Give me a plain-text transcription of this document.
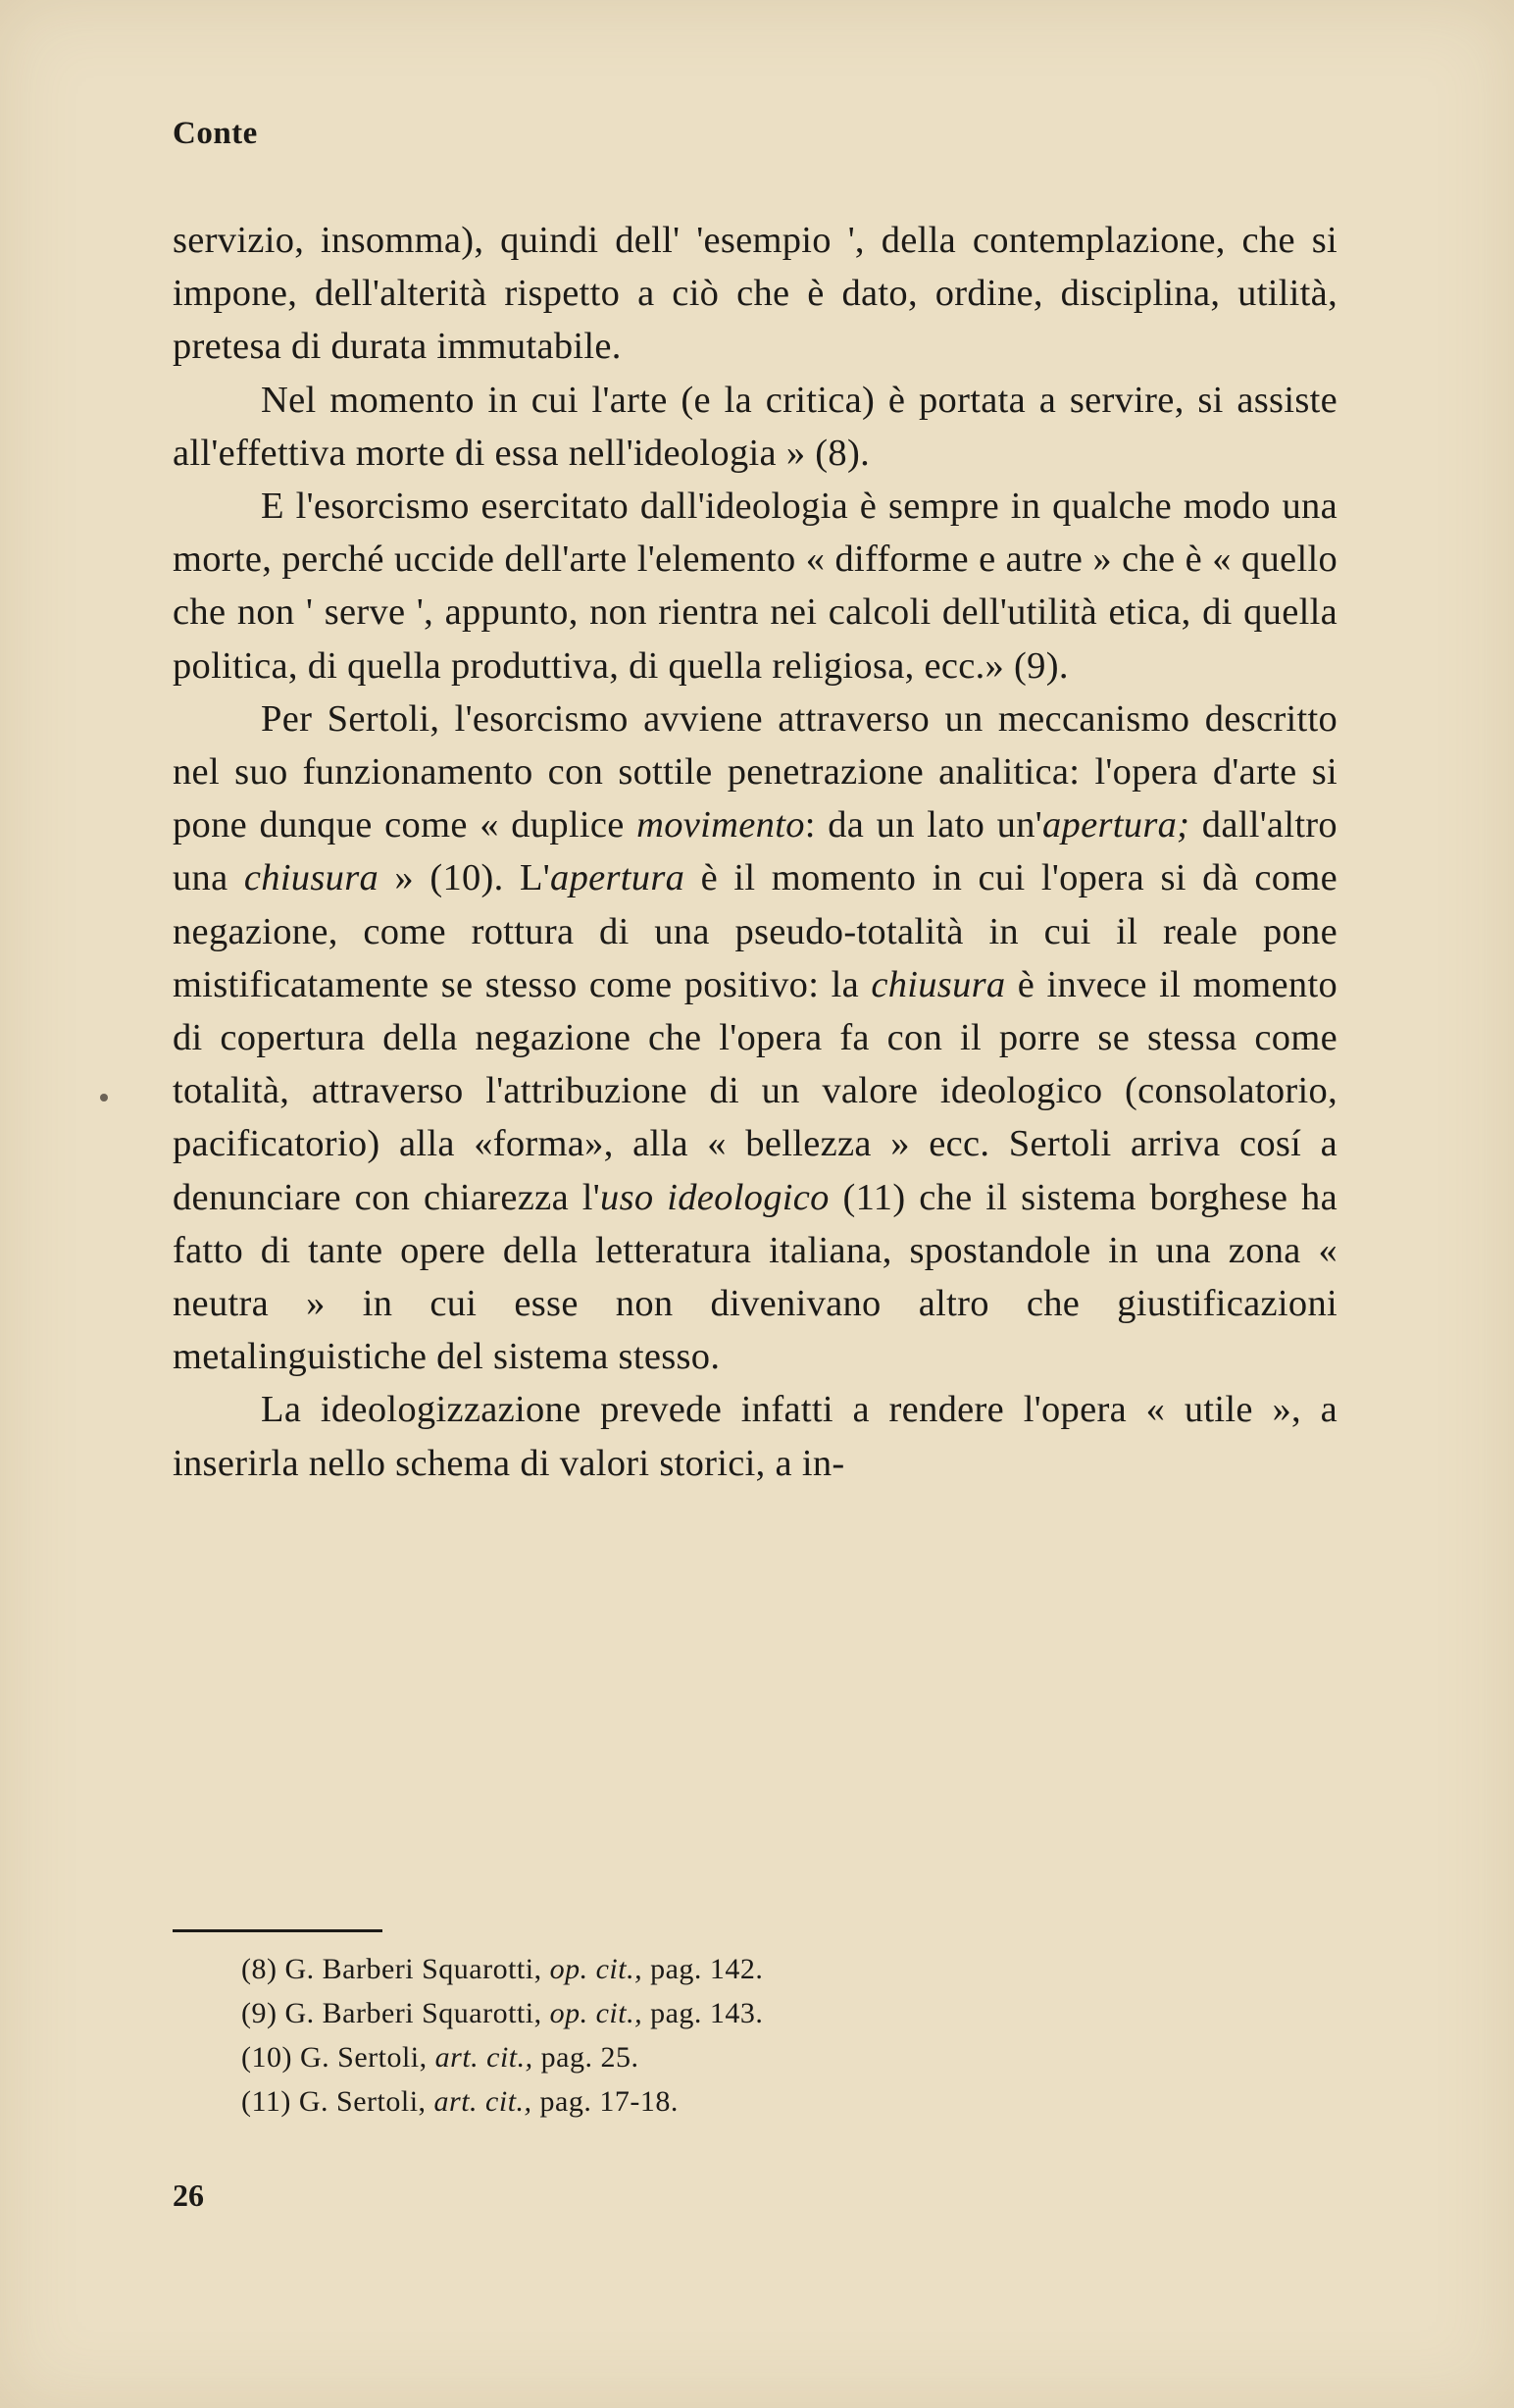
Conte

servizio, insomma), quindi dell' 'esempio ', della contemplazione, che si impone, dell'alterità rispetto a ciò che è dato, ordine, disciplina, utilità, pretesa di durata immutabile.

Nel momento in cui l'arte (e la critica) è portata a servire, si assiste all'effettiva morte di essa nell'ideologia » (8).

E l'esorcismo esercitato dall'ideologia è sempre in qualche modo una morte, perché uccide dell'arte l'elemento « difforme e autre » che è « quello che non ' serve ', appunto, non rientra nei calcoli dell'utilità etica, di quella politica, di quella produttiva, di quella religiosa, ecc.» (9).

Per Sertoli, l'esorcismo avviene attraverso un meccanismo descritto nel suo funzionamento con sottile penetrazione analitica: l'opera d'arte si pone dunque come « duplice movimento: da un lato un'apertura; dall'altro una chiusura » (10). L'apertura è il momento in cui l'opera si dà come negazione, come rottura di una pseudo-totalità in cui il reale pone mistificatamente se stesso come positivo: la chiusura è invece il momento di copertura della negazione che l'opera fa con il porre se stessa come totalità, attraverso l'attribuzione di un valore ideologico (consolatorio, pacificatorio) alla «forma», alla « bellezza » ecc. Sertoli arriva cosí a denunciare con chiarezza l'uso ideologico (11) che il sistema borghese ha fatto di tante opere della letteratura italiana, spostandole in una zona « neutra » in cui esse non divenivano altro che giustificazioni metalinguistiche del sistema stesso.

La ideologizzazione prevede infatti a rendere l'opera « utile », a inserirla nello schema di valori storici, a in-

(8) G. Barberi Squarotti, op. cit., pag. 142.
(9) G. Barberi Squarotti, op. cit., pag. 143.
(10) G. Sertoli, art. cit., pag. 25.
(11) G. Sertoli, art. cit., pag. 17-18.
26
